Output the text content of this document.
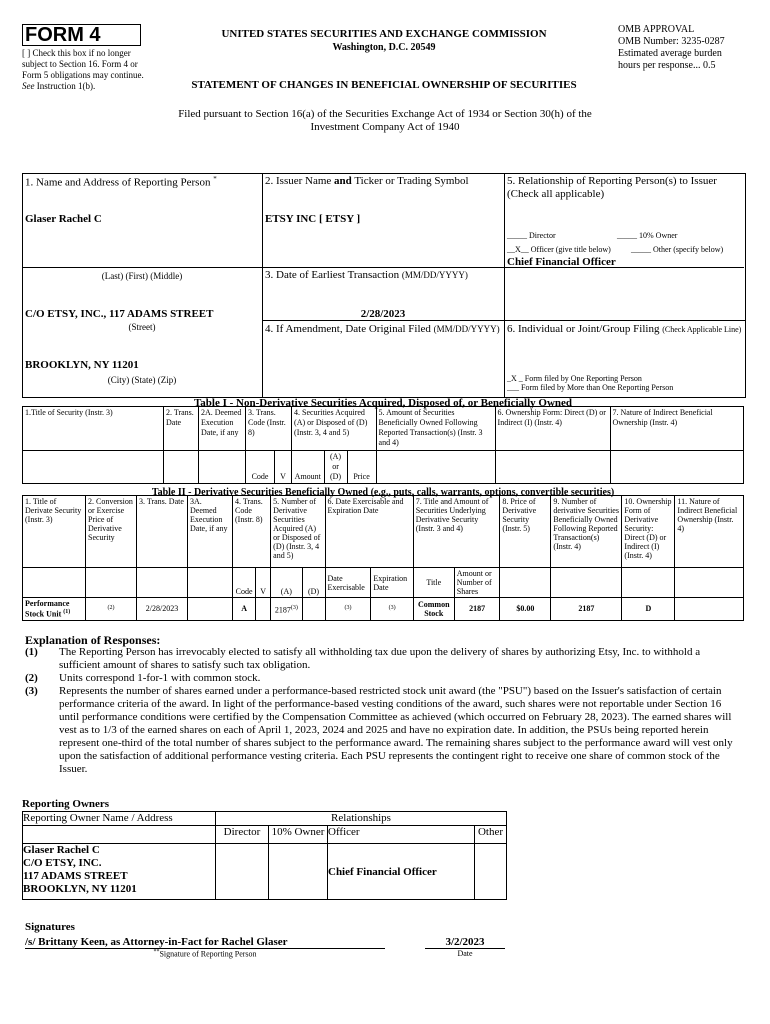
FORM 4
[ ] Check this box if no longer subject to Section 16. Form 4 or Form 5 obligations may continue. See Instruction 1(b).
UNITED STATES SECURITIES AND EXCHANGE COMMISSION
Washington, D.C. 20549
OMB APPROVAL
OMB Number: 3235-0287
Estimated average burden
hours per response... 0.5
STATEMENT OF CHANGES IN BENEFICIAL OWNERSHIP OF SECURITIES
Filed pursuant to Section 16(a) of the Securities Exchange Act of 1934 or Section 30(h) of the
Investment Company Act of 1940
1. Name and Address of Reporting Person *
Glaser Rachel C
(Last) (First) (Middle)
C/O ETSY, INC., 117 ADAMS STREET
(Street)
BROOKLYN, NY 11201
(City) (State) (Zip)
2. Issuer Name and Ticker or Trading Symbol
ETSY INC [ ETSY ]
3. Date of Earliest Transaction (MM/DD/YYYY)
2/28/2023
4. If Amendment, Date Original Filed (MM/DD/YYYY)
5. Relationship of Reporting Person(s) to Issuer
(Check all applicable)
_____ Director	_____ 10% Owner
__X__ Officer (give title below)	_____ Other (specify below)
Chief Financial Officer
6. Individual or Joint/Group Filing (Check Applicable Line)
_X _ Form filed by One Reporting Person
___ Form filed by More than One Reporting Person
Table I - Non-Derivative Securities Acquired, Disposed of, or Beneficially Owned
1.Title of Security (Instr. 3)	2. Trans. Date	2A. Deemed Execution Date, if any	3. Trans. Code (Instr. 8)		4. Securities Acquired (A) or Disposed of (D) (Instr. 3, 4 and 5)			5. Amount of Securities Beneficially Owned Following Reported Transaction(s) (Instr. 3 and 4)	6. Ownership Form: Direct (D) or Indirect (I) (Instr. 4)	7. Nature of Indirect Beneficial Ownership (Instr. 4)
			Code	V	Amount	(A) or (D)	Price			
Table II - Derivative Securities Beneficially Owned (e.g., puts, calls, warrants, options, convertible securities)
1. Title of Derivate Security (Instr. 3)	2. Conversion or Exercise Price of Derivative Security	3. Trans. Date	3A. Deemed Execution Date, if any	4. Trans. Code (Instr. 8)		5. Number of Derivative Securities Acquired (A) or Disposed of (D) (Instr. 3, 4 and 5)		6. Date Exercisable and Expiration Date		7. Title and Amount of Securities Underlying Derivative Security (Instr. 3 and 4)		8. Price of Derivative Security (Instr. 5)	9. Number of derivative Securities Beneficially Owned Following Reported Transaction(s) (Instr. 4)	10. Ownership Form of Derivative Security: Direct (D) or Indirect (I) (Instr. 4)	11. Nature of Indirect Beneficial Ownership (Instr. 4)
				Code	V	(A)	(D)	Date Exercisable	Expiration Date	Title	Amount or Number of Shares				
Performance Stock Unit $^{(1)}$	$^{(2)}$	2/28/2023		A		2187$^{(3)}$		$^{(3)}$	$^{(3)}$	Common Stock	2187	$0.00	2187	D	
Explanation of Responses:
(1)	The Reporting Person has irrevocably elected to satisfy all withholding tax due upon the delivery of shares by authorizing Etsy, Inc. to withhold a sufficient amount of shares to satisfy such tax obligation.
(2)	Units correspond 1-for-1 with common stock.
(3)	Represents the number of shares earned under a performance-based restricted stock unit award (the "PSU") based on the Issuer's satisfaction of certain performance criteria of the award. In light of the performance-based vesting conditions of the award, such shares were not reportable under Section 16 until performance conditions were certified by the Compensation Committee as achieved (which occurred on February 28, 2023). The earned shares will vest as to 1/3 of the earned shares on each of April 1, 2023, 2024 and 2025 and have no expiration date. In addition, the PSUs being reported herein represent one-third of the total number of shares subject to the performance award. The remaining shares subject to the performance award will vest only upon the satisfaction of additional performance vesting criteria. Each PSU represents the contingent right to receive one share of common stock of the Issuer.
Reporting Owners
Reporting Owner Name / Address	Relationships			
	Director	10% Owner	Officer	Other

Glaser Rachel C
C/O ETSY, INC.
117 ADAMS STREET
BROOKLYN, NY 11201			Chief Financial Officer	
Signatures
/s/ Brittany Keen, as Attorney-in-Fact for Rachel Glaser
**Signature of Reporting Person
3/2/2023
Date
